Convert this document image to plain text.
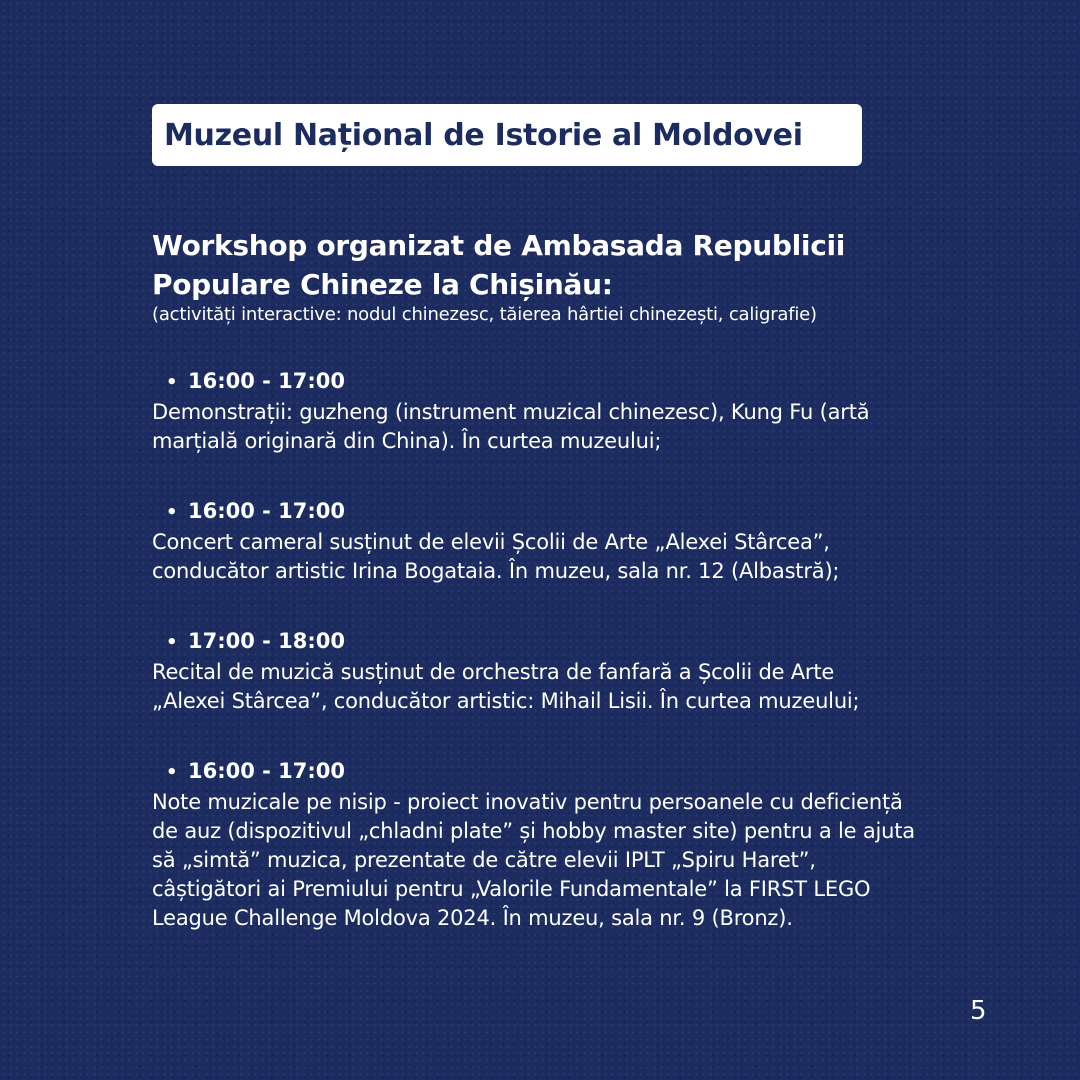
Muzeul Național de Istorie al Moldovei
Workshop organizat de Ambasada Republicii
Populare Chineze la Chișinău:
(activități interactive: nodul chinezesc, tăierea hârtiei chinezești, caligrafie)
• 16:00 - 17:00
Demonstrații: guzheng (instrument muzical chinezesc), Kung Fu (artă
marțială originară din China). În curtea muzeului;
• 16:00 - 17:00
Concert cameral susținut de elevii Școlii de Arte „Alexei Stârcea”,
conducător artistic Irina Bogataia. În muzeu, sala nr. 12 (Albastră);
• 17:00 - 18:00
Recital de muzică susținut de orchestra de fanfară a Școlii de Arte
„Alexei Stârcea”, conducător artistic: Mihail Lisii. În curtea muzeului;
• 16:00 - 17:00
Note muzicale pe nisip - proiect inovativ pentru persoanele cu deficiență
de auz (dispozitivul „chladni plate” și hobby master site) pentru a le ajuta
să „simtă” muzica, prezentate de către elevii IPLT „Spiru Haret”,
câștigători ai Premiului pentru „Valorile Fundamentale” la FIRST LEGO
League Challenge Moldova 2024. În muzeu, sala nr. 9 (Bronz).
5
